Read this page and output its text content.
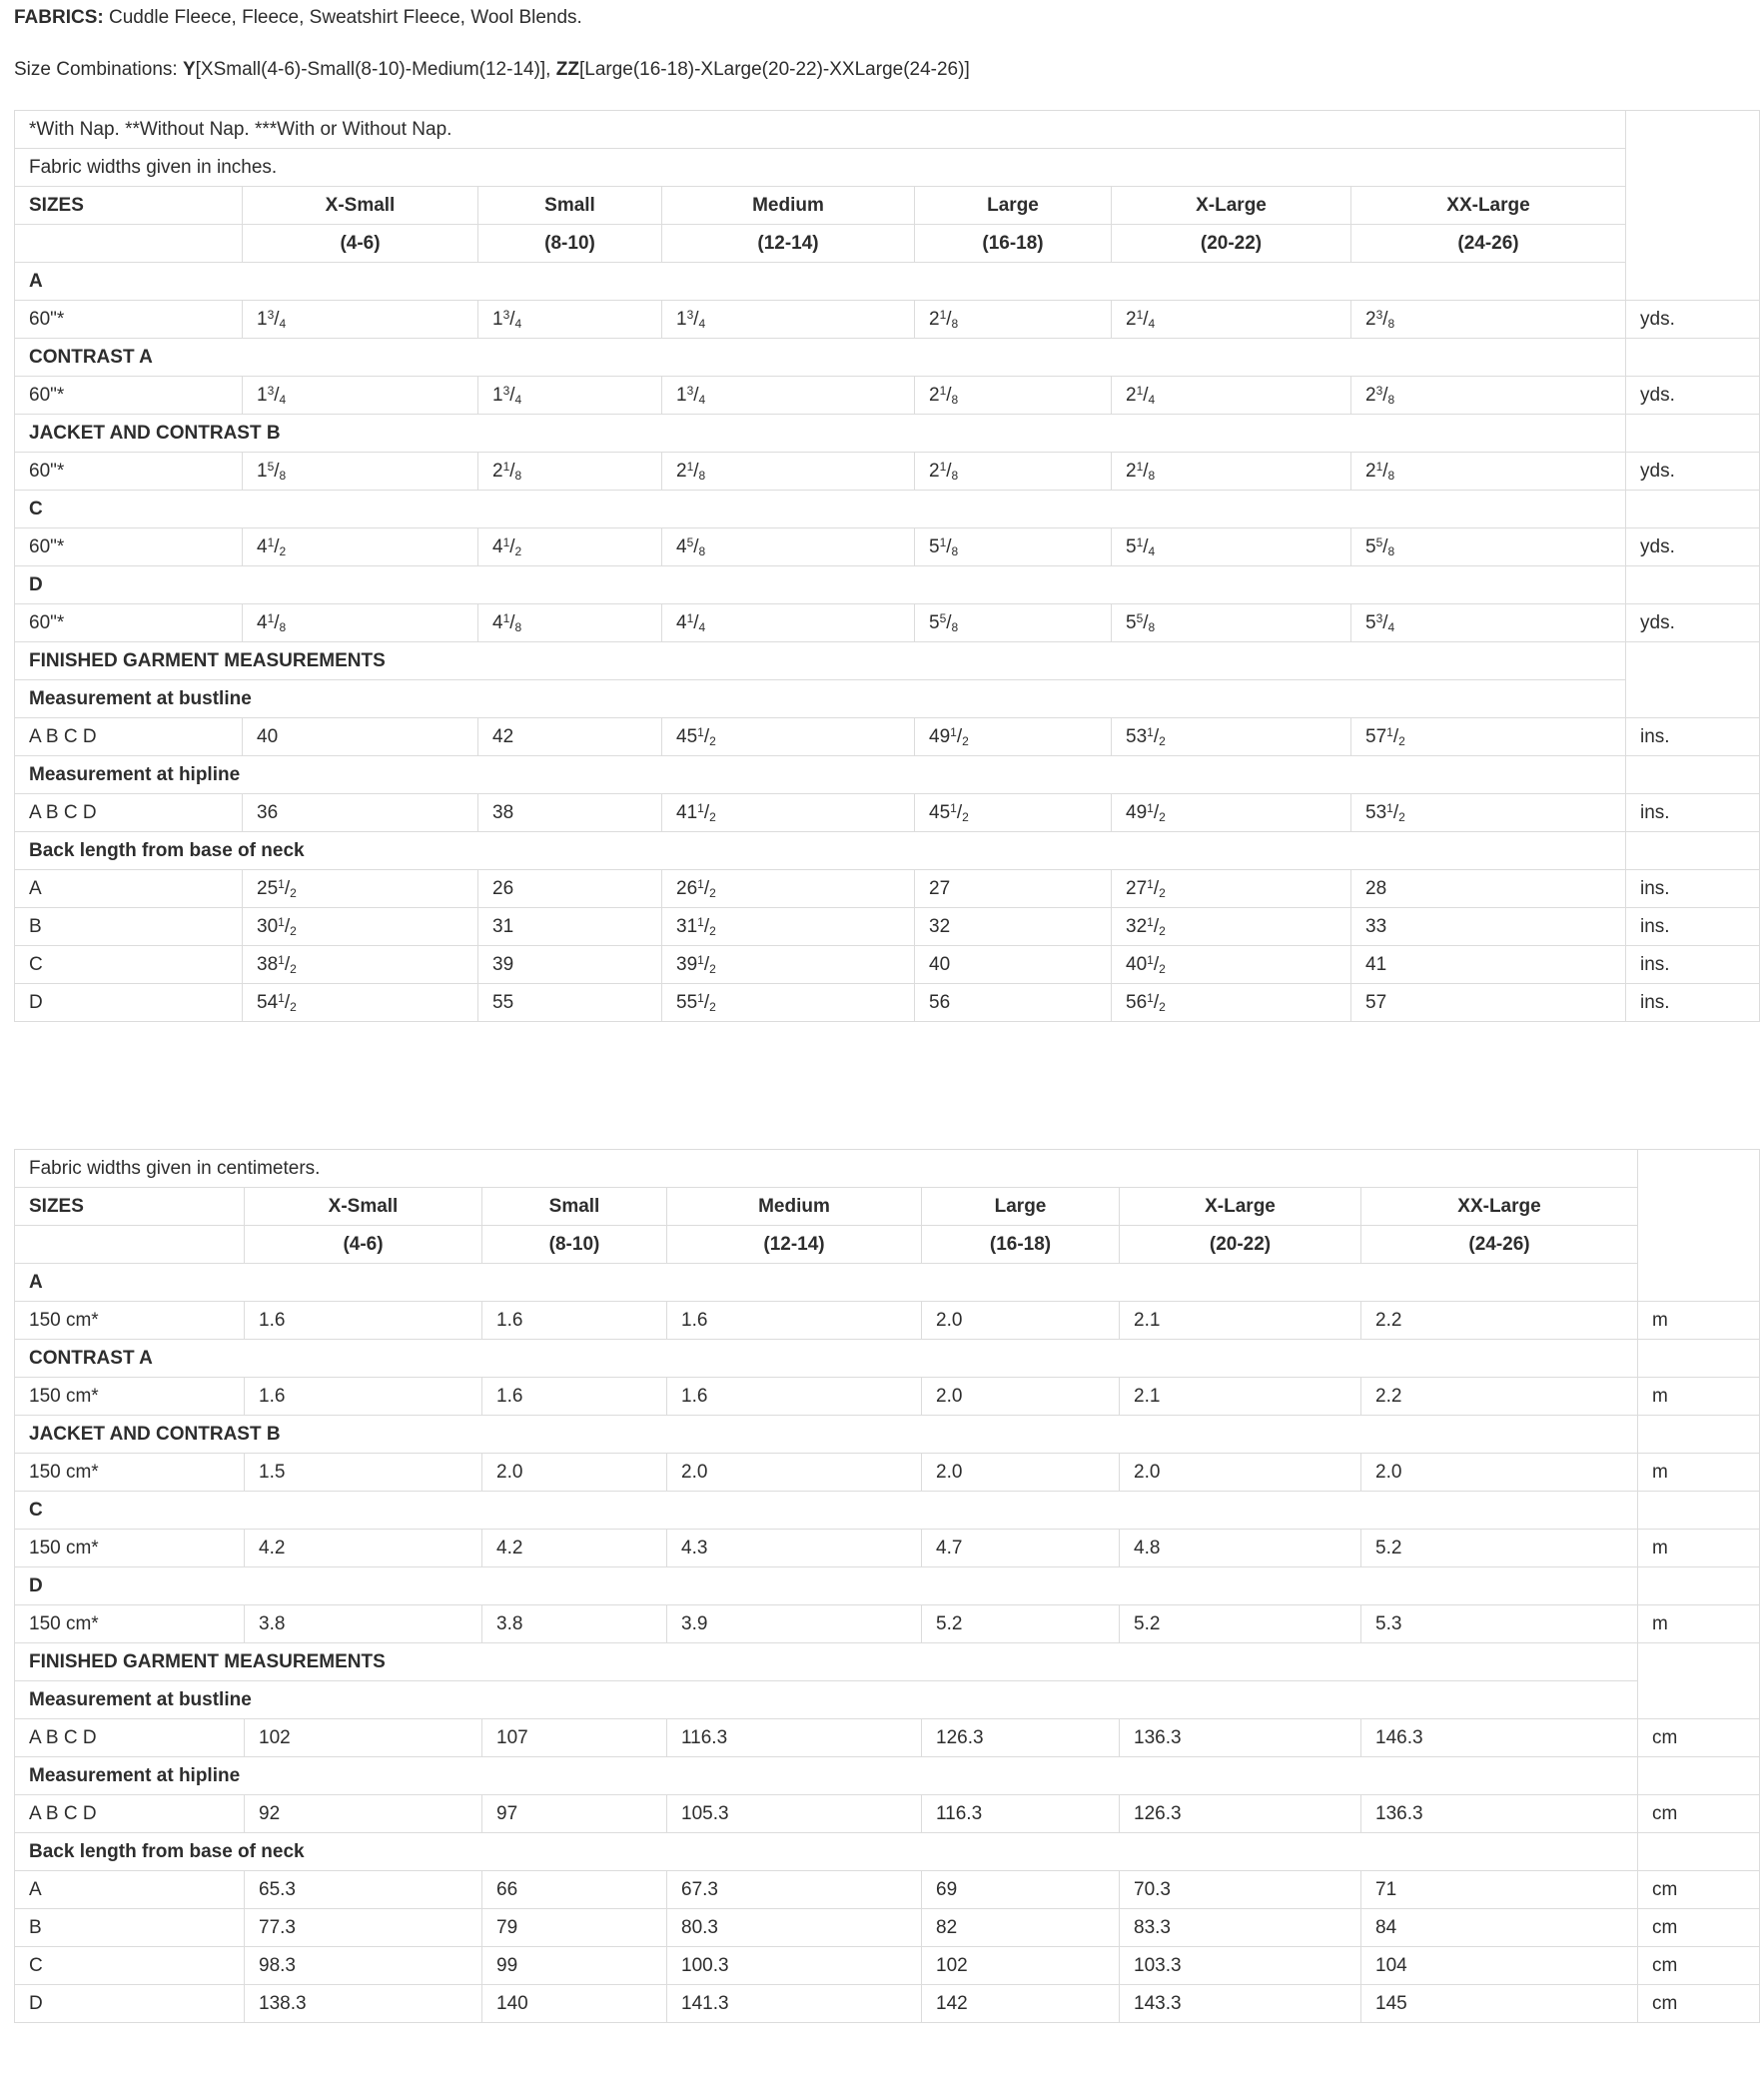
FABRICS: Cuddle Fleece, Fleece, Sweatshirt Fleece, Wool Blends.

Size Combinations: Y[XSmall(4-6)-Small(8-10)-Medium(12-14)], ZZ[Large(16-18)-XLarge(20-22)-XXLarge(24-26)]

*With Nap. **Without Nap. ***With or Without Nap.							
Fabric widths given in inches.							
SIZES	X-Small	Small	Medium	Large	X-Large	XX-Large	
	(4-6)	(8-10)	(12-14)	(16-18)	(20-22)	(24-26)	
A							
60"*	$1^3/_4$	$1^3/_4$	$1^3/_4$	$2^1/_8$	$2^1/_4$	$2^3/_8$	yds.
CONTRAST A							
60"*	$1^3/_4$	$1^3/_4$	$1^3/_4$	$2^1/_8$	$2^1/_4$	$2^3/_8$	yds.
JACKET AND CONTRAST B							
60"*	$1^5/_8$	$2^1/_8$	$2^1/_8$	$2^1/_8$	$2^1/_8$	$2^1/_8$	yds.
C							
60"*	$4^1/_2$	$4^1/_2$	$4^5/_8$	$5^1/_8$	$5^1/_4$	$5^5/_8$	yds.
D							
60"*	$4^1/_8$	$4^1/_8$	$4^1/_4$	$5^5/_8$	$5^5/_8$	$5^3/_4$	yds.
FINISHED GARMENT MEASUREMENTS							
Measurement at bustline							
A B C D	40	42	$45^1/_2$	$49^1/_2$	$53^1/_2$	$57^1/_2$	ins.
Measurement at hipline							
A B C D	36	38	$41^1/_2$	$45^1/_2$	$49^1/_2$	$53^1/_2$	ins.
Back length from base of neck							
A	$25^1/_2$	26	$26^1/_2$	27	$27^1/_2$	28	ins.
B	$30^1/_2$	31	$31^1/_2$	32	$32^1/_2$	33	ins.
C	$38^1/_2$	39	$39^1/_2$	40	$40^1/_2$	41	ins.
D	$54^1/_2$	55	$55^1/_2$	56	$56^1/_2$	57	ins.
Fabric widths given in centimeters.							
SIZES	X-Small	Small	Medium	Large	X-Large	XX-Large	
	(4-6)	(8-10)	(12-14)	(16-18)	(20-22)	(24-26)	
A							
150 cm*	1.6	1.6	1.6	2.0	2.1	2.2	m
CONTRAST A							
150 cm*	1.6	1.6	1.6	2.0	2.1	2.2	m
JACKET AND CONTRAST B							
150 cm*	1.5	2.0	2.0	2.0	2.0	2.0	m
C							
150 cm*	4.2	4.2	4.3	4.7	4.8	5.2	m
D							
150 cm*	3.8	3.8	3.9	5.2	5.2	5.3	m
FINISHED GARMENT MEASUREMENTS							
Measurement at bustline							
A B C D	102	107	116.3	126.3	136.3	146.3	cm
Measurement at hipline							
A B C D	92	97	105.3	116.3	126.3	136.3	cm
Back length from base of neck							
A	65.3	66	67.3	69	70.3	71	cm
B	77.3	79	80.3	82	83.3	84	cm
C	98.3	99	100.3	102	103.3	104	cm
D	138.3	140	141.3	142	143.3	145	cm
